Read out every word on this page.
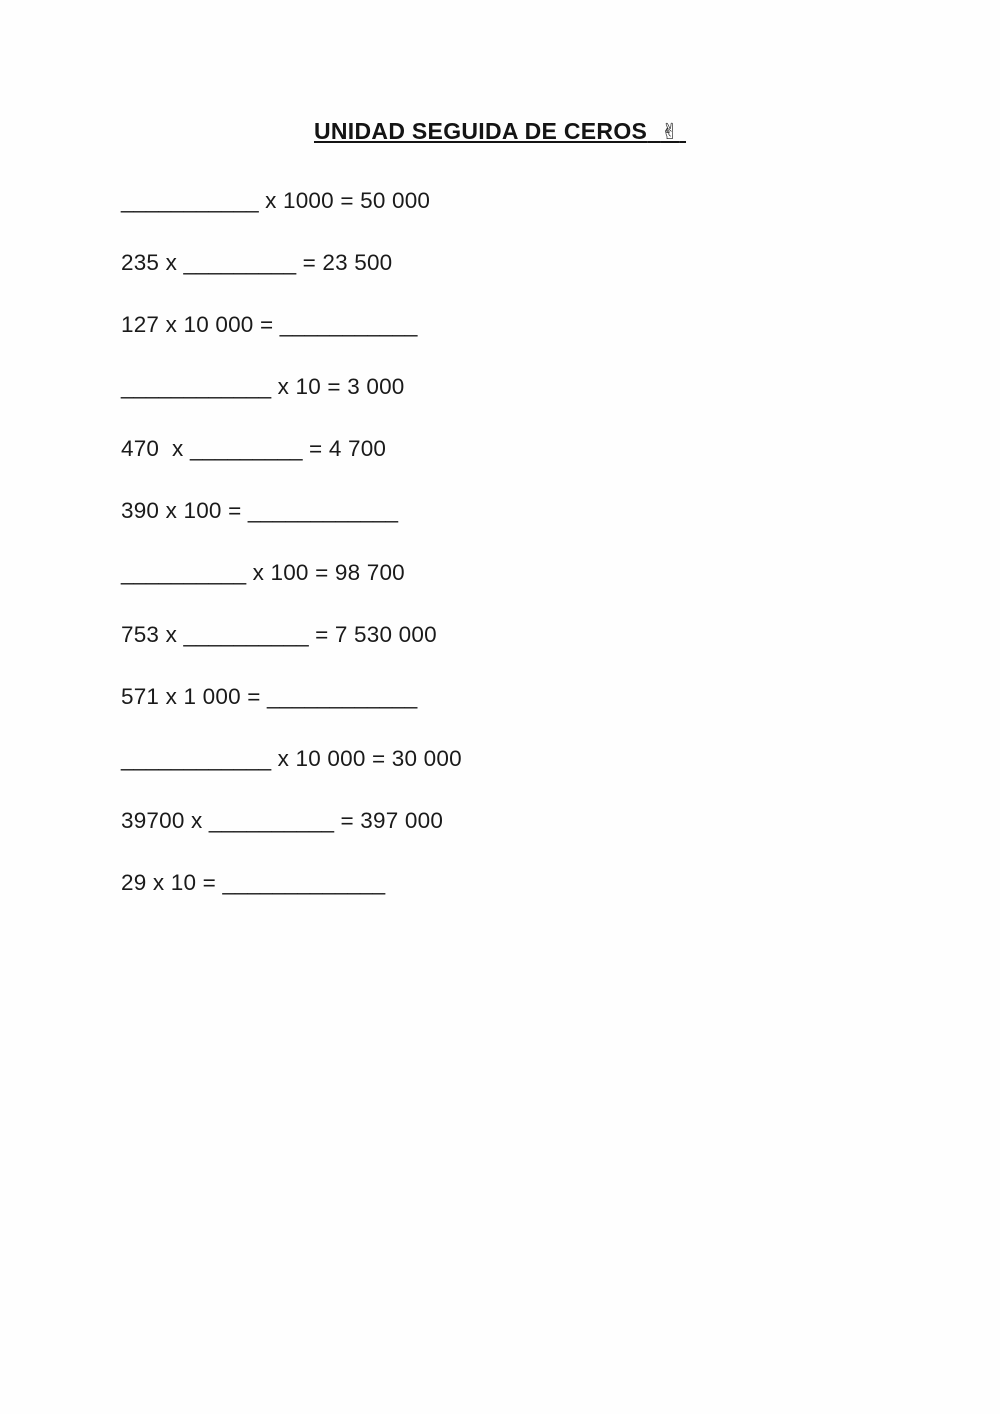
UNIDAD SEGUIDA DE CEROS ✌
___________ x 1000 = 50 000
235 x _________ = 23 500
127 x 10 000 = ___________
____________ x 10 = 3 000
470  x _________ = 4 700
390 x 100 = ____________
__________ x 100 = 98 700
753 x __________ = 7 530 000
571 x 1 000 = ____________
____________ x 10 000 = 30 000
39700 x __________ = 397 000
29 x 10 = _____________
